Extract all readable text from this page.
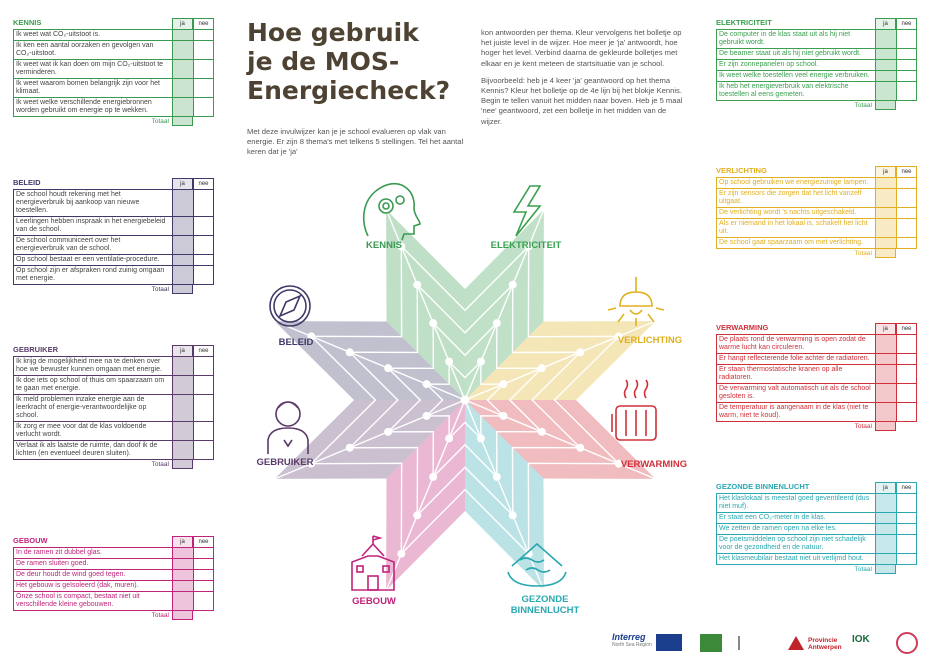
KENNIS	ja	nee
Ik weet wat CO₂-uitstoot is.
Ik ken een aantal oorzaken en gevolgen van CO₂-uitstoot.
Ik weet wat ik kan doen om mijn CO₂-uitstoot te verminderen.
Ik weet waarom bomen belangrijk zijn voor het klimaat.
Ik weet welke verschillende energiebronnen worden gebruikt om energie op te wekken.
Totaal
BELEID	ja	nee
De school houdt rekening met het energieverbruik bij aankoop van nieuwe toestellen.
Leerlingen hebben inspraak in het energiebeleid van de school.
De school communiceert over het energieverbruik van de school.
Op school bestaat er een ventilatie-procedure.
Op school zijn er afspraken rond zuinig omgaan met energie.
Totaal
GEBRUIKER	ja	nee
Ik krijg de mogelijkheid mee na te denken over hoe we bewuster kunnen omgaan met energie.
Ik doe iets op school of thuis om spaarzaam om te gaan met energie.
Ik meld problemen inzake energie aan de leerkracht of energie-verantwoordelijke op school.
Ik zorg er mee voor dat de klas voldoende verlucht wordt.
Verlaat ik als laatste de ruimte, dan doof ik de lichten (en eventueel deuren sluiten).
Totaal
GEBOUW	ja	nee
In de ramen zit dubbel glas.
De ramen sluiten goed.
De deur houdt de wind goed tegen.
Het gebouw is geïsoleerd (dak, muren).
Onze school is compact, bestaat niet uit verschillende kleine gebouwen.
Totaal
ELEKTRICITEIT	ja	nee
De computer in de klas staat uit als hij niet gebruikt wordt.
De beamer staat uit als hij niet gebruikt wordt.
Er zijn zonnepanelen op school.
Ik weet welke toestellen veel energie verbruiken.
Ik heb het energieverbruik van elektrische toestellen al eens gemeten.
Totaal
VERLICHTING	ja	nee
Op school gebruiken we energiezuinige lampen.
Er zijn sensors die zorgen dat het licht vanzelf uitgaat.
De verlichting wordt 's nachts uitgeschakeld.
Als er niemand in het lokaal is, schakelt het licht uit.
De school gaat spaarzaam om met verlichting.
Totaal
VERWARMING	ja	nee
De plaats rond de verwarming is open zodat de warme lucht kan circuleren.
Er hangt reflecterende folie achter de radiatoren.
Er staan thermostatische kranen op alle radiatoren.
De verwarming valt automatisch uit als de school gesloten is.
De temperatuur is aangenaam in de klas (niet te warm, niet te koud).
Totaal
GEZONDE BINNENLUCHT	ja	nee
Het klaslokaal is meestal goed geventileerd (dus niet muf).
Er staat een CO₂-meter in de klas.
We zetten de ramen open na elke les.
De poetsmiddelen op school zijn niet schadelijk voor de gezondheid en de natuur.
Het klasmeubilair bestaat niet uit verlijmd hout.
Totaal
Hoe gebruik
je de MOS-
Energiecheck?
Met deze invulwijzer kan je je school evalueren op vlak van energie. Er zijn 8 thema's met telkens 5 stellingen. Tel het aantal keren dat je 'ja'

kon antwoorden per thema. Kleur vervolgens het bolletje op het juiste level in de wijzer. Hoe meer je 'ja' antwoordt, hoe hoger het level. Verbind daarna de gekleurde bolletjes met elkaar en je kent meteen de startsituatie van je school.

Bijvoorbeeld: heb je 4 keer 'ja' geantwoord op het thema Kennis? Kleur het bolletje op de 4e lijn bij het blokje Kennis. Begin te tellen vanuit het midden naar boven. Heb je 5 maal 'nee' geantwoord, zet een bolletje in het midden van de wijzer.

KENNIS	ELEKTRICITEIT
VERLICHTING
VERWARMING
GEZONDE
BINNENLUCHT
GEBOUW
GEBRUIKER
BELEID
Interreg
North Sea Region
Provincie
Antwerpen
IOK
